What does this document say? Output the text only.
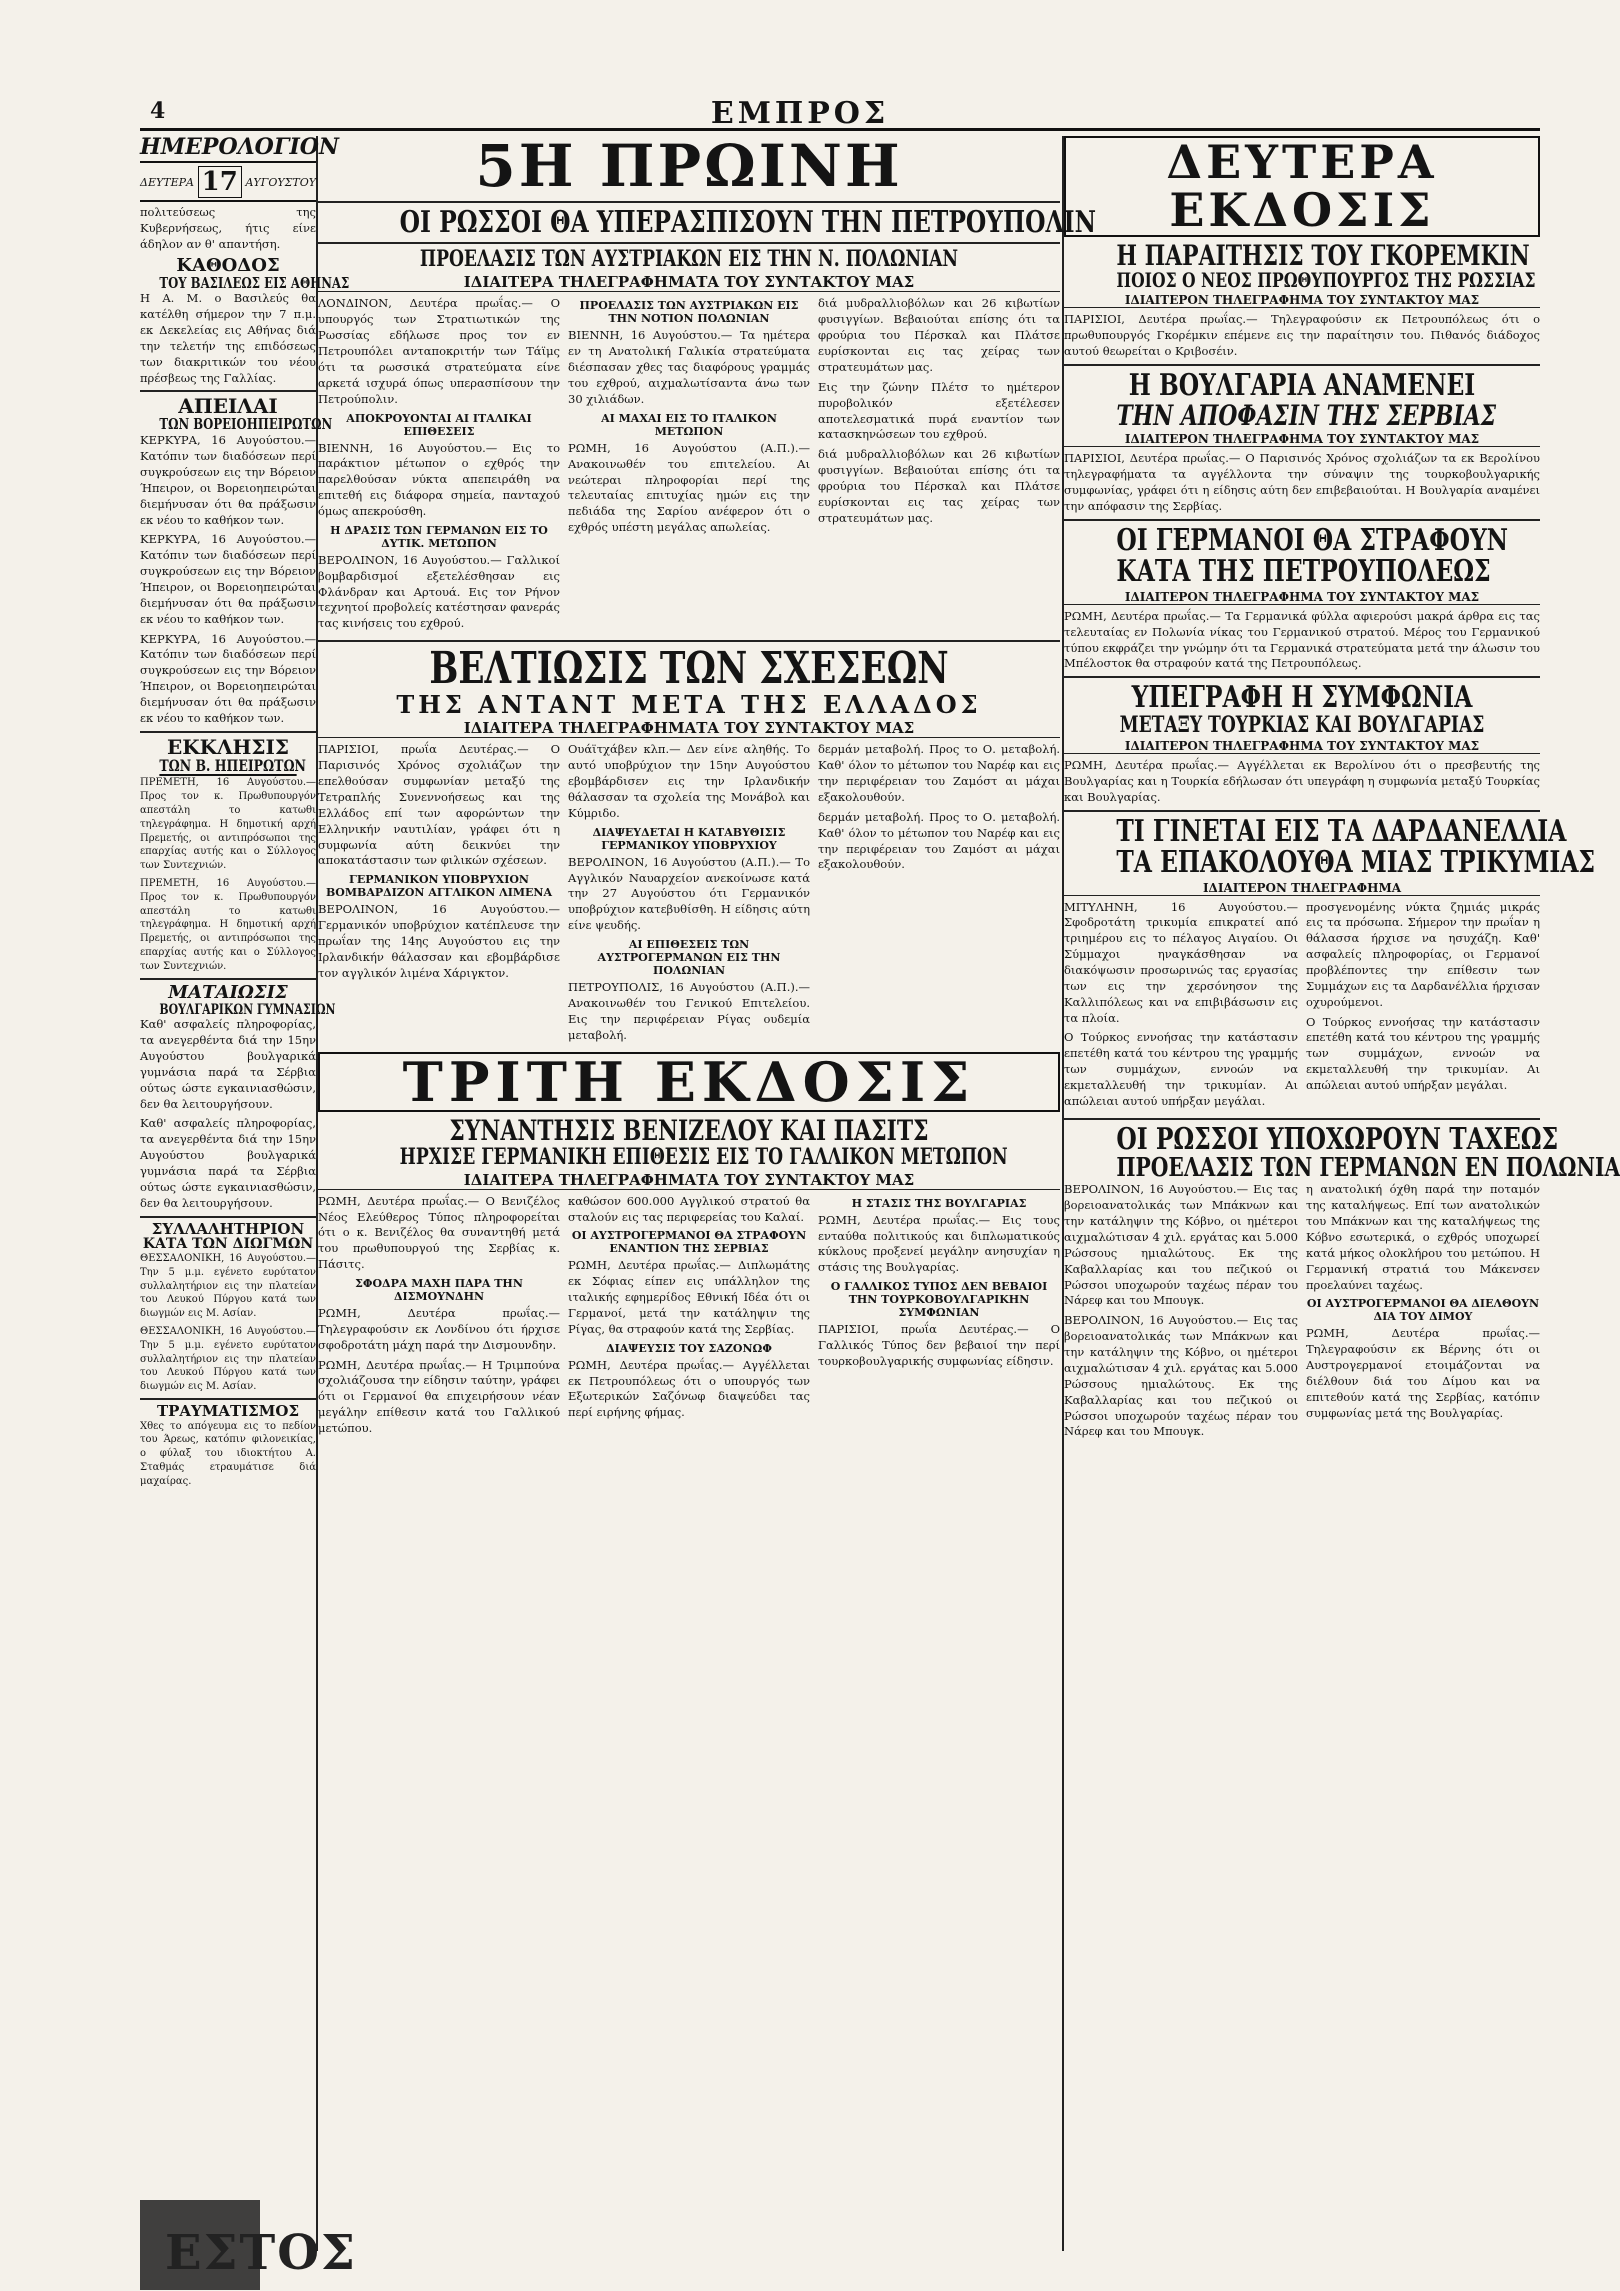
4	ΕΜΠΡΟΣ
ΗΜΕΡΟΛΟΓΙΟΝ
ΔΕΥΤΕΡΑ 17 ΑΥΓΟΥΣΤΟΥ

πολιτεύσεως της Κυβερνήσεως, ήτις είνε άδηλον αν θ' απαντήση.

ΚΑΘΟΔΟΣ
ΤΟΥ ΒΑΣΙΛΕΩΣ ΕΙΣ ΑΘΗΝΑΣ

Η Α. Μ. ο Βασιλεύς θα κατέλθη σήμερον την 7 π.μ. εκ Δεκελείας εις Αθήνας διά την τελετήν της επιδόσεως των διακριτικών του νέου πρέσβεως της Γαλλίας.

ΑΠΕΙΛΑΙ
ΤΩΝ ΒΟΡΕΙΟΗΠΕΙΡΩΤΩΝ

ΚΕΡΚΥΡΑ, 16 Αυγούστου.— Κατόπιν των διαδόσεων περί συγκρούσεων εις την Βόρειον Ήπειρον, οι Βορειοηπειρώται διεμήνυσαν ότι θα πράξωσιν εκ νέου το καθήκον των.

ΚΕΡΚΥΡΑ, 16 Αυγούστου.— Κατόπιν των διαδόσεων περί συγκρούσεων εις την Βόρειον Ήπειρον, οι Βορειοηπειρώται διεμήνυσαν ότι θα πράξωσιν εκ νέου το καθήκον των.

ΚΕΡΚΥΡΑ, 16 Αυγούστου.— Κατόπιν των διαδόσεων περί συγκρούσεων εις την Βόρειον Ήπειρον, οι Βορειοηπειρώται διεμήνυσαν ότι θα πράξωσιν εκ νέου το καθήκον των.

ΕΚΚΛΗΣΙΣ
ΤΩΝ Β. ΗΠΕΙΡΩΤΩΝ

ΠΡΕΜΕΤΗ, 16 Αυγούστου.— Προς τον κ. Πρωθυπουργόν απεστάλη το κατωθι τηλεγράφημα. Η δημοτική αρχή Πρεμετής, οι αντιπρόσωποι της επαρχίας αυτής και ο Σύλλογος των Συντεχνιών.

ΠΡΕΜΕΤΗ, 16 Αυγούστου.— Προς τον κ. Πρωθυπουργόν απεστάλη το κατωθι τηλεγράφημα. Η δημοτική αρχή Πρεμετής, οι αντιπρόσωποι της επαρχίας αυτής και ο Σύλλογος των Συντεχνιών.

ΜΑΤΑΙΩΣΙΣ
ΒΟΥΛΓΑΡΙΚΩΝ ΓΥΜΝΑΣΙΩΝ

Καθ' ασφαλείς πληροφορίας, τα ανεγερθέντα διά την 15ην Αυγούστου βουλγαρικά γυμνάσια παρά τα Σέρβια ούτως ώστε εγκαινιασθώσιν, δεν θα λειτουργήσουν.

Καθ' ασφαλείς πληροφορίας, τα ανεγερθέντα διά την 15ην Αυγούστου βουλγαρικά γυμνάσια παρά τα Σέρβια ούτως ώστε εγκαινιασθώσιν, δεν θα λειτουργήσουν.

ΣΥΛΛΑΛΗΤΗΡΙΟΝ
ΚΑΤΑ ΤΩΝ ΔΙΩΓΜΩΝ

ΘΕΣΣΑΛΟΝΙΚΗ, 16 Αυγούστου.— Την 5 μ.μ. εγένετο ευρύτατον συλλαλητήριον εις την πλατείαν του Λευκού Πύργου κατά των διωγμών εις Μ. Ασίαν.

ΘΕΣΣΑΛΟΝΙΚΗ, 16 Αυγούστου.— Την 5 μ.μ. εγένετο ευρύτατον συλλαλητήριον εις την πλατείαν του Λευκού Πύργου κατά των διωγμών εις Μ. Ασίαν.

ΤΡΑΥΜΑΤΙΣΜΟΣ

Χθες το απόγευμα εις το πεδίον του Άρεως, κατόπιν φιλονεικίας, ο φύλαξ του ιδιοκτήτου Α. Σταθμάς ετραυμάτισε διά μαχαίρας.

ΕΣΤΟΣ
5Η ΠΡΩΙΝΗ
ΟΙ ΡΩΣΣΟΙ ΘΑ ΥΠΕΡΑΣΠΙΣΟΥΝ ΤΗΝ ΠΕΤΡΟΥΠΟΛΙΝ
ΠΡΟΕΛΑΣΙΣ ΤΩΝ ΑΥΣΤΡΙΑΚΩΝ ΕΙΣ ΤΗΝ Ν. ΠΟΛΩΝΙΑΝ
ΙΔΙΑΙΤΕΡΑ ΤΗΛΕΓΡΑΦΗΜΑΤΑ ΤΟΥ ΣΥΝΤΑΚΤΟΥ ΜΑΣ

ΛΟΝΔΙΝΟΝ, Δευτέρα πρωΐας.— Ο υπουργός των Στρατιωτικών της Ρωσσίας εδήλωσε προς τον εν Πετρουπόλει ανταποκριτήν των Τάϊμς ότι τα ρωσσικά στρατεύματα είνε αρκετά ισχυρά όπως υπερασπίσουν την Πετρούπολιν.

ΑΠΟΚΡΟΥΟΝΤΑΙ ΑΙ ΙΤΑΛΙΚΑΙ ΕΠΙΘΕΣΕΙΣ

ΒΙΕΝΝΗ, 16 Αυγούστου.— Εις το παράκτιον μέτωπον ο εχθρός την παρελθούσαν νύκτα απεπειράθη να επιτεθή εις διάφορα σημεία, πανταχού όμως απεκρούσθη.

Η ΔΡΑΣΙΣ ΤΩΝ ΓΕΡΜΑΝΩΝ ΕΙΣ ΤΟ ΔΥΤΙΚ. ΜΕΤΩΠΟΝ

ΒΕΡΟΛΙΝΟΝ, 16 Αυγούστου.— Γαλλικοί βομβαρδισμοί εξετελέσθησαν εις Φλάνδραν και Αρτουά. Εις τον Ρήνον τεχνητοί προβολείς κατέστησαν φανεράς τας κινήσεις του εχθρού.

ΠΡΟΕΛΑΣΙΣ ΤΩΝ ΑΥΣΤΡΙΑΚΩΝ ΕΙΣ ΤΗΝ ΝΟΤΙΟΝ ΠΟΛΩΝΙΑΝ

ΒΙΕΝΝΗ, 16 Αυγούστου.— Τα ημέτερα εν τη Ανατολική Γαλικία στρατεύματα διέσπασαν χθες τας διαφόρους γραμμάς του εχθρού, αιχμαλωτίσαντα άνω των 30 χιλιάδων.

ΑΙ ΜΑΧΑΙ ΕΙΣ ΤΟ ΙΤΑΛΙΚΟΝ ΜΕΤΩΠΟΝ

ΡΩΜΗ, 16 Αυγούστου (Α.Π.).— Ανακοινωθέν του επιτελείου. Αι νεώτεραι πληροφορίαι περί της τελευταίας επιτυχίας ημών εις την πεδιάδα της Σαρίου ανέφερον ότι ο εχθρός υπέστη μεγάλας απωλείας.

διά μυδραλλιοβόλων και 26 κιβωτίων φυσιγγίων. Βεβαιούται επίσης ότι τα φρούρια του Πέρσκαλ και Πλάτσε ευρίσκονται εις τας χείρας των στρατευμάτων μας.

Εις την ζώνην Πλέτσ το ημέτερον πυροβολικόν εξετέλεσεν αποτελεσματικά πυρά εναντίον των κατασκηνώσεων του εχθρού.

διά μυδραλλιοβόλων και 26 κιβωτίων φυσιγγίων. Βεβαιούται επίσης ότι τα φρούρια του Πέρσκαλ και Πλάτσε ευρίσκονται εις τας χείρας των στρατευμάτων μας.

ΒΕΛΤΙΩΣΙΣ ΤΩΝ ΣΧΕΣΕΩΝ
ΤΗΣ ΑΝΤΑΝΤ ΜΕΤΑ ΤΗΣ ΕΛΛΑΔΟΣ
ΙΔΙΑΙΤΕΡΑ ΤΗΛΕΓΡΑΦΗΜΑΤΑ ΤΟΥ ΣΥΝΤΑΚΤΟΥ ΜΑΣ

ΠΑΡΙΣΙΟΙ, πρωΐα Δευτέρας.— Ο Παρισινός Χρόνος σχολιάζων την επελθούσαν συμφωνίαν μεταξύ της Τετραπλής Συνεννοήσεως και της Ελλάδος επί των αφορώντων την Ελληνικήν ναυτιλίαν, γράφει ότι η συμφωνία αύτη δεικνύει την αποκατάστασιν των φιλικών σχέσεων.

ΓΕΡΜΑΝΙΚΟΝ ΥΠΟΒΡΥΧΙΟΝ ΒΟΜΒΑΡΔΙΖΟΝ ΑΓΓΛΙΚΟΝ ΛΙΜΕΝΑ

ΒΕΡΟΛΙΝΟΝ, 16 Αυγούστου.— Γερμανικόν υποβρύχιον κατέπλευσε την πρωΐαν της 14ης Αυγούστου εις την Ιρλανδικήν θάλασσαν και εβομβάρδισε τον αγγλικόν λιμένα Χάριγκτον.

Ουάϊτχάβεν κλπ.— Δεν είνε αληθής. Το αυτό υποβρύχιον την 15ην Αυγούστου εβομβάρδισεν εις την Ιρλανδικήν θάλασσαν τα σχολεία της Μονάβολ και Κύμριδο.

ΔΙΑΨΕΥΔΕΤΑΙ Η ΚΑΤΑΒΥΘΙΣΙΣ ΓΕΡΜΑΝΙΚΟΥ ΥΠΟΒΡΥΧΙΟΥ

ΒΕΡΟΛΙΝΟΝ, 16 Αυγούστου (Α.Π.).— Το Αγγλικόν Ναυαρχείον ανεκοίνωσε κατά την 27 Αυγούστου ότι Γερμανικόν υποβρύχιον κατεβυθίσθη. Η είδησις αύτη είνε ψευδής.

ΑΙ ΕΠΙΘΕΣΕΙΣ ΤΩΝ ΑΥΣΤΡΟΓΕΡΜΑΝΩΝ ΕΙΣ ΤΗΝ ΠΟΛΩΝΙΑΝ

ΠΕΤΡΟΥΠΟΛΙΣ, 16 Αυγούστου (Α.Π.).— Ανακοινωθέν του Γενικού Επιτελείου. Εις την περιφέρειαν Ρίγας ουδεμία μεταβολή.

δερμάν μεταβολή. Προς το Ο. μεταβολή. Καθ' όλον το μέτωπον του Ναρέφ και εις την περιφέρειαν του Ζαμόστ αι μάχαι εξακολουθούν.

δερμάν μεταβολή. Προς το Ο. μεταβολή. Καθ' όλον το μέτωπον του Ναρέφ και εις την περιφέρειαν του Ζαμόστ αι μάχαι εξακολουθούν.

ΤΡΙΤΗ ΕΚΔΟΣΙΣ
ΣΥΝΑΝΤΗΣΙΣ ΒΕΝΙΖΕΛΟΥ ΚΑΙ ΠΑΣΙΤΣ
ΗΡΧΙΣΕ ΓΕΡΜΑΝΙΚΗ ΕΠΙΘΕΣΙΣ ΕΙΣ ΤΟ ΓΑΛΛΙΚΟΝ ΜΕΤΩΠΟΝ
ΙΔΙΑΙΤΕΡΑ ΤΗΛΕΓΡΑΦΗΜΑΤΑ ΤΟΥ ΣΥΝΤΑΚΤΟΥ ΜΑΣ

ΡΩΜΗ, Δευτέρα πρωΐας.— Ο Βενιζέλος Νέος Ελεύθερος Τύπος πληροφορείται ότι ο κ. Βενιζέλος θα συναντηθή μετά του πρωθυπουργού της Σερβίας κ. Πάσιτς.

ΣΦΟΔΡΑ ΜΑΧΗ ΠΑΡΑ ΤΗΝ ΔΙΣΜΟΥΝΔΗΝ

ΡΩΜΗ, Δευτέρα πρωΐας.— Τηλεγραφούσιν εκ Λονδίνου ότι ήρχισε σφοδροτάτη μάχη παρά την Δισμουνδην.

ΡΩΜΗ, Δευτέρα πρωΐας.— Η Τριμπούνα σχολιάζουσα την είδησιν ταύτην, γράφει ότι οι Γερμανοί θα επιχειρήσουν νέαν μεγάλην επίθεσιν κατά του Γαλλικού μετώπου.

καθώσον 600.000 Αγγλικού στρατού θα σταλούν εις τας περιφερείας του Καλαί.

ΟΙ ΑΥΣΤΡΟΓΕΡΜΑΝΟΙ ΘΑ ΣΤΡΑΦΟΥΝ ΕΝΑΝΤΙΟΝ ΤΗΣ ΣΕΡΒΙΑΣ

ΡΩΜΗ, Δευτέρα πρωΐας.— Διπλωμάτης εκ Σόφιας είπεν εις υπάλληλον της ιταλικής εφημερίδος Εθνική Ιδέα ότι οι Γερμανοί, μετά την κατάληψιν της Ρίγας, θα στραφούν κατά της Σερβίας.

ΔΙΑΨΕΥΣΙΣ ΤΟΥ ΣΑΖΟΝΩΦ

ΡΩΜΗ, Δευτέρα πρωΐας.— Αγγέλλεται εκ Πετρουπόλεως ότι ο υπουργός των Εξωτερικών Σαζόνωφ διαψεύδει τας περί ειρήνης φήμας.

Η ΣΤΑΣΙΣ ΤΗΣ ΒΟΥΛΓΑΡΙΑΣ

ΡΩΜΗ, Δευτέρα πρωΐας.— Εις τους ενταύθα πολιτικούς και διπλωματικούς κύκλους προξενεί μεγάλην ανησυχίαν η στάσις της Βουλγαρίας.

Ο ΓΑΛΛΙΚΟΣ ΤΥΠΟΣ ΔΕΝ ΒΕΒΑΙΟΙ ΤΗΝ ΤΟΥΡΚΟΒΟΥΛΓΑΡΙΚΗΝ ΣΥΜΦΩΝΙΑΝ

ΠΑΡΙΣΙΟΙ, πρωΐα Δευτέρας.— Ο Γαλλικός Τύπος δεν βεβαιοί την περί τουρκοβουλγαρικής συμφωνίας είδησιν.

ΔΕΥΤΕΡΑ ΕΚΔΟΣΙΣ
Η ΠΑΡΑΙΤΗΣΙΣ ΤΟΥ ΓΚΟΡΕΜΚΙΝ
ΠΟΙΟΣ Ο ΝΕΟΣ ΠΡΩΘΥΠΟΥΡΓΟΣ ΤΗΣ ΡΩΣΣΙΑΣ
ΙΔΙΑΙΤΕΡΟΝ ΤΗΛΕΓΡΑΦΗΜΑ ΤΟΥ ΣΥΝΤΑΚΤΟΥ ΜΑΣ

ΠΑΡΙΣΙΟΙ, Δευτέρα πρωΐας.— Τηλεγραφούσιν εκ Πετρουπόλεως ότι ο πρωθυπουργός Γκορέμκιν επέμενε εις την παραίτησιν του. Πιθανός διάδοχος αυτού θεωρείται ο Κριβοσέιν.

Η ΒΟΥΛΓΑΡΙΑ ΑΝΑΜΕΝΕΙ
ΤΗΝ ΑΠΟΦΑΣΙΝ ΤΗΣ ΣΕΡΒΙΑΣ
ΙΔΙΑΙΤΕΡΟΝ ΤΗΛΕΓΡΑΦΗΜΑ ΤΟΥ ΣΥΝΤΑΚΤΟΥ ΜΑΣ

ΠΑΡΙΣΙΟΙ, Δευτέρα πρωΐας.— Ο Παρισινός Χρόνος σχολιάζων τα εκ Βερολίνου τηλεγραφήματα τα αγγέλλοντα την σύναψιν της τουρκοβουλγαρικής συμφωνίας, γράφει ότι η είδησις αύτη δεν επιβεβαιούται. Η Βουλγαρία αναμένει την απόφασιν της Σερβίας.

ΟΙ ΓΕΡΜΑΝΟΙ ΘΑ ΣΤΡΑΦΟΥΝ
ΚΑΤΑ ΤΗΣ ΠΕΤΡΟΥΠΟΛΕΩΣ
ΙΔΙΑΙΤΕΡΟΝ ΤΗΛΕΓΡΑΦΗΜΑ ΤΟΥ ΣΥΝΤΑΚΤΟΥ ΜΑΣ

ΡΩΜΗ, Δευτέρα πρωΐας.— Τα Γερμανικά φύλλα αφιερούσι μακρά άρθρα εις τας τελευταίας εν Πολωνία νίκας του Γερμανικού στρατού. Μέρος του Γερμανικού τύπου εκφράζει την γνώμην ότι τα Γερμανικά στρατεύματα μετά την άλωσιν του Μπέλοστοκ θα στραφούν κατά της Πετρουπόλεως.

ΥΠΕΓΡΑΦΗ Η ΣΥΜΦΩΝΙΑ
ΜΕΤΑΞΥ ΤΟΥΡΚΙΑΣ ΚΑΙ ΒΟΥΛΓΑΡΙΑΣ
ΙΔΙΑΙΤΕΡΟΝ ΤΗΛΕΓΡΑΦΗΜΑ ΤΟΥ ΣΥΝΤΑΚΤΟΥ ΜΑΣ

ΡΩΜΗ, Δευτέρα πρωΐας.— Αγγέλλεται εκ Βερολίνου ότι ο πρεσβευτής της Βουλγαρίας και η Τουρκία εδήλωσαν ότι υπεγράφη η συμφωνία μεταξύ Τουρκίας και Βουλγαρίας.

ΤΙ ΓΙΝΕΤΑΙ ΕΙΣ ΤΑ ΔΑΡΔΑΝΕΛΛΙΑ
ΤΑ ΕΠΑΚΟΛΟΥΘΑ ΜΙΑΣ ΤΡΙΚΥΜΙΑΣ
ΙΔΙΑΙΤΕΡΟΝ ΤΗΛΕΓΡΑΦΗΜΑ

ΜΙΤΥΛΗΝΗ, 16 Αυγούστου.— Σφοδροτάτη τρικυμία επικρατεί από τριημέρου εις το πέλαγος Αιγαίου. Οι Σύμμαχοι ηναγκάσθησαν να διακόψωσιν προσωρινώς τας εργασίας των εις την χερσόνησον της Καλλιπόλεως και να επιβιβάσωσιν εις τα πλοία.

Ο Τούρκος εννοήσας την κατάστασιν επετέθη κατά του κέντρου της γραμμής των συμμάχων, εννοών να εκμεταλλευθή την τρικυμίαν. Αι απώλειαι αυτού υπήρξαν μεγάλαι.

προσγενομένης νύκτα ζημιάς μικράς εις τα πρόσωπα. Σήμερον την πρωΐαν η θάλασσα ήρχισε να ησυχάζη. Καθ' ασφαλείς πληροφορίας, οι Γερμανοί προβλέποντες την επίθεσιν των Συμμάχων εις τα Δαρδανέλλια ήρχισαν οχυρούμενοι.

Ο Τούρκος εννοήσας την κατάστασιν επετέθη κατά του κέντρου της γραμμής των συμμάχων, εννοών να εκμεταλλευθή την τρικυμίαν. Αι απώλειαι αυτού υπήρξαν μεγάλαι.

ΟΙ ΡΩΣΣΟΙ ΥΠΟΧΩΡΟΥΝ ΤΑΧΕΩΣ
ΠΡΟΕΛΑΣΙΣ ΤΩΝ ΓΕΡΜΑΝΩΝ ΕΝ ΠΟΛΩΝΙΑ

ΒΕΡΟΛΙΝΟΝ, 16 Αυγούστου.— Εις τας βορειοανατολικάς των Μπάκνων και την κατάληψιν της Κόβνο, οι ημέτεροι αιχμαλώτισαν 4 χιλ. εργάτας και 5.000 Ρώσσους ημιαλώτους. Εκ της Καβαλλαρίας και του πεζικού οι Ρώσσοι υποχωρούν ταχέως πέραν του Νάρεφ και του Μπουγκ.

ΒΕΡΟΛΙΝΟΝ, 16 Αυγούστου.— Εις τας βορειοανατολικάς των Μπάκνων και την κατάληψιν της Κόβνο, οι ημέτεροι αιχμαλώτισαν 4 χιλ. εργάτας και 5.000 Ρώσσους ημιαλώτους. Εκ της Καβαλλαρίας και του πεζικού οι Ρώσσοι υποχωρούν ταχέως πέραν του Νάρεφ και του Μπουγκ.

η ανατολική όχθη παρά την ποταμόν της καταλήψεως. Επί των ανατολικών του Μπάκνων και της καταλήψεως της Κόβνο εσωτερικά, ο εχθρός υποχωρεί κατά μήκος ολοκλήρου του μετώπου. Η Γερμανική στρατιά του Μάκενσεν προελαύνει ταχέως.

ΟΙ ΑΥΣΤΡΟΓΕΡΜΑΝΟΙ ΘΑ ΔΙΕΛΘΟΥΝ ΔΙΑ ΤΟΥ ΔΙΜΟΥ

ΡΩΜΗ, Δευτέρα πρωΐας.— Τηλεγραφούσιν εκ Βέρνης ότι οι Αυστρογερμανοί ετοιμάζονται να διέλθουν διά του Δίμου και να επιτεθούν κατά της Σερβίας, κατόπιν συμφωνίας μετά της Βουλγαρίας.
